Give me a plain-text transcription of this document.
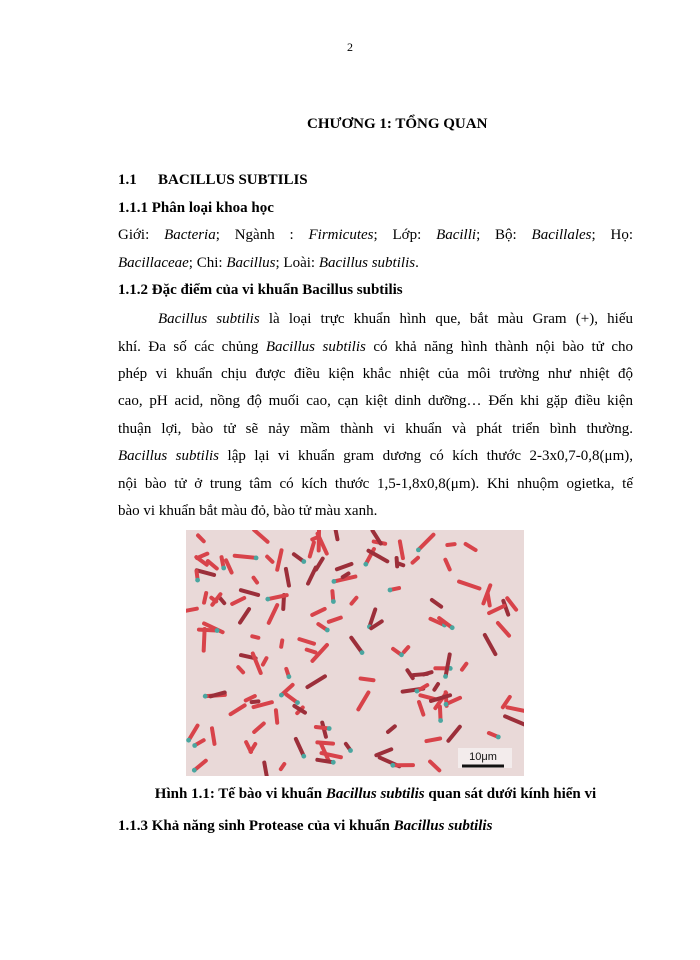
2
CHƯƠNG 1: TỔNG QUAN
1.1 BACILLUS SUBTILIS
1.1.1 Phân loại khoa học
Giới: Bacteria; Ngành : Firmicutes; Lớp: Bacilli; Bộ: Bacillales; Họ:
Bacillaceae; Chi: Bacillus; Loài: Bacillus subtilis.
1.1.2 Đặc điểm của vi khuẩn Bacillus subtilis
Bacillus subtilis là loại trực khuẩn hình que, bắt màu Gram (+), hiếu
khí. Đa số các chủng Bacillus subtilis có khả năng hình thành nội bào tử cho
phép vi khuẩn chịu được điều kiện khắc nhiệt của môi trường như nhiệt độ
cao, pH acid, nồng độ muối cao, cạn kiệt dinh dưỡng… Đến khi gặp điều kiện
thuận lợi, bào tử sẽ nảy mầm thành vi khuẩn và phát triển bình thường.
Bacillus subtilis lập lại vi khuẩn gram dương có kích thước 2-3x0,7-0,8(μm),
nội bào tử ở trung tâm có kích thước 1,5-1,8x0,8(μm). Khi nhuộm ogietka, tế
bào vi khuẩn bắt màu đỏ, bào tử màu xanh.
10μm
Hình 1.1: Tế bào vi khuẩn Bacillus subtilis quan sát dưới kính hiển vi
1.1.3 Khả năng sinh Protease của vi khuẩn Bacillus subtilis
